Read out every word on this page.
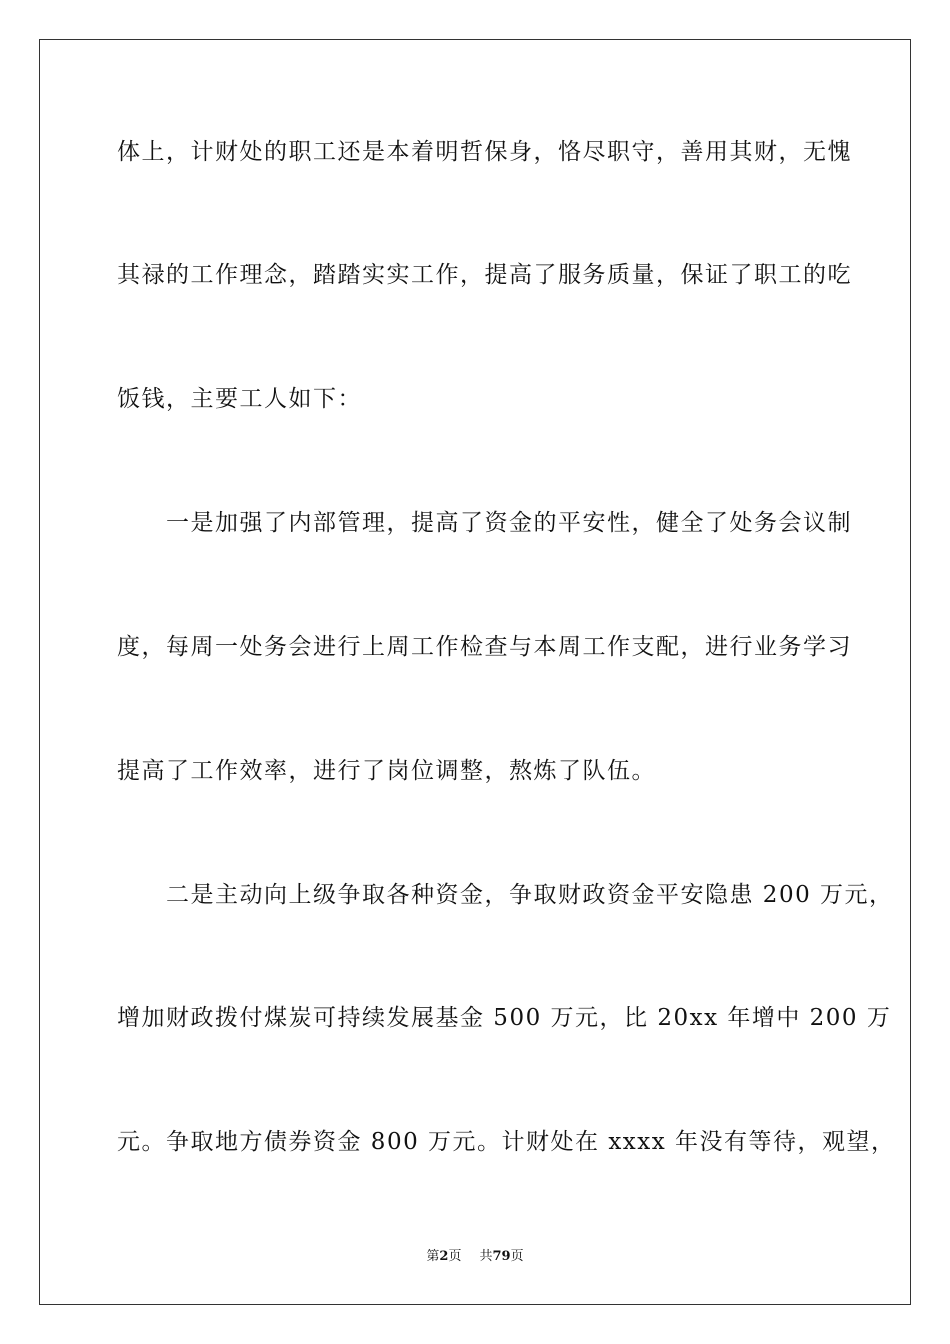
体上，计财处的职工还是本着明哲保身，恪尽职守，善用其财，无愧
其禄的工作理念，踏踏实实工作，提高了服务质量，保证了职工的吃
饭钱，主要工人如下：
　　一是加强了内部管理，提高了资金的平安性，健全了处务会议制
度，每周一处务会进行上周工作检查与本周工作支配，进行业务学习
提高了工作效率，进行了岗位调整，熬炼了队伍。
　　二是主动向上级争取各种资金，争取财政资金平安隐患 200 万元，
增加财政拨付煤炭可持续发展基金 500 万元，比 20xx 年增中 200 万
元。争取地方债券资金 800 万元。计财处在 xxxx 年没有等待，观望，
第2页 共79页
